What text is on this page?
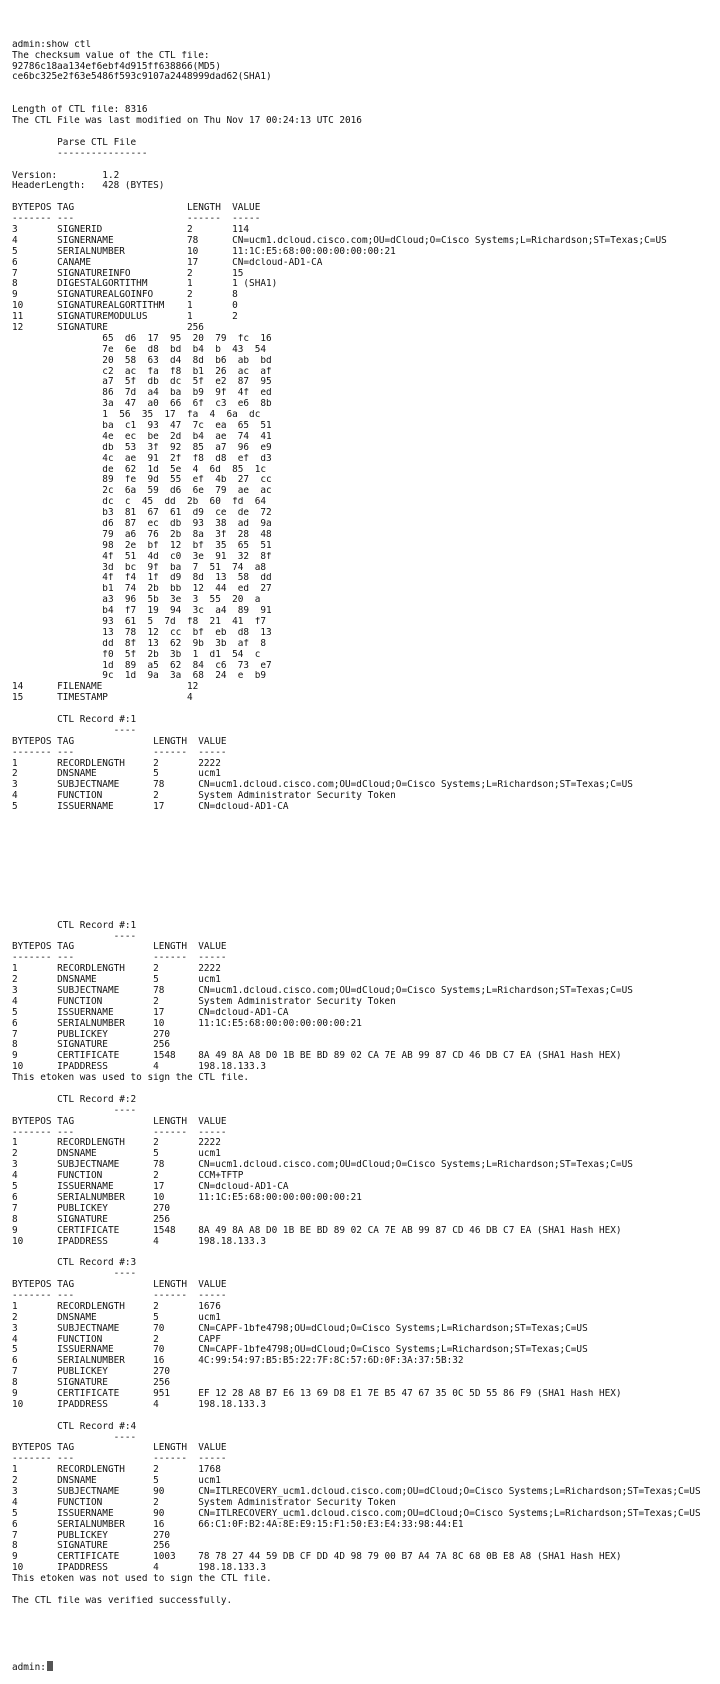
admin:show ctl
The checksum value of the CTL file:
92786c18aa134ef6ebf4d915ff638866(MD5)
ce6bc325e2f63e5486f593c9107a2448999dad62(SHA1)
Length of CTL file: 8316
The CTL File was last modified on Thu Nov 17 00:24:13 UTC 2016
Parse CTL File
----------------
Version:        1.2
HeaderLength:   428 (BYTES)
BYTEPOS TAG                    LENGTH  VALUE
------- ---                    ------  -----
3       SIGNERID               2       114
4       SIGNERNAME             78      CN=ucm1.dcloud.cisco.com;OU=dCloud;O=Cisco Systems;L=Richardson;ST=Texas;C=US
5       SERIALNUMBER           10      11:1C:E5:68:00:00:00:00:00:21
6       CANAME                 17      CN=dcloud-AD1-CA
7       SIGNATUREINFO          2       15
8       DIGESTALGORTITHM       1       1 (SHA1)
9       SIGNATUREALGOINFO      2       8
10      SIGNATUREALGORTITHM    1       0
11      SIGNATUREMODULUS       1       2
12      SIGNATURE              256
65  d6  17  95  20  79  fc  16
7e  6e  d8  bd  b4  b  43  54
20  58  63  d4  8d  b6  ab  bd
c2  ac  fa  f8  b1  26  ac  af
a7  5f  db  dc  5f  e2  87  95
86  7d  a4  ba  b9  9f  4f  ed
3a  47  a0  66  6f  c3  e6  8b
1  56  35  17  fa  4  6a  dc
ba  c1  93  47  7c  ea  65  51
4e  ec  be  2d  b4  ae  74  41
db  53  3f  92  85  a7  96  e9
4c  ae  91  2f  f8  d8  ef  d3
de  62  1d  5e  4  6d  85  1c
89  fe  9d  55  ef  4b  27  cc
2c  6a  59  d6  6e  79  ae  ac
dc  c  45  dd  2b  60  fd  64
b3  81  67  61  d9  ce  de  72
d6  87  ec  db  93  38  ad  9a
79  a6  76  2b  8a  3f  28  48
98  2e  bf  12  bf  35  65  51
4f  51  4d  c0  3e  91  32  8f
3d  bc  9f  ba  7  51  74  a8
4f  f4  1f  d9  8d  13  58  dd
b1  74  2b  bb  12  44  ed  27
a3  96  5b  3e  3  55  20  a
b4  f7  19  94  3c  a4  89  91
93  61  5  7d  f8  21  41  f7
13  78  12  cc  bf  eb  d8  13
dd  8f  13  62  9b  3b  af  8
f0  5f  2b  3b  1  d1  54  c
1d  89  a5  62  84  c6  73  e7
9c  1d  9a  3a  68  24  e  b9
14      FILENAME               12
15      TIMESTAMP              4
CTL Record #:1
----
BYTEPOS TAG              LENGTH  VALUE
------- ---              ------  -----
1       RECORDLENGTH     2       2222
2       DNSNAME          5       ucm1
3       SUBJECTNAME      78      CN=ucm1.dcloud.cisco.com;OU=dCloud;O=Cisco Systems;L=Richardson;ST=Texas;C=US
4       FUNCTION         2       System Administrator Security Token
5       ISSUERNAME       17      CN=dcloud-AD1-CA

CTL Record #:1
----
BYTEPOS TAG              LENGTH  VALUE
------- ---              ------  -----
1       RECORDLENGTH     2       2222
2       DNSNAME          5       ucm1
3       SUBJECTNAME      78      CN=ucm1.dcloud.cisco.com;OU=dCloud;O=Cisco Systems;L=Richardson;ST=Texas;C=US
4       FUNCTION         2       System Administrator Security Token
5       ISSUERNAME       17      CN=dcloud-AD1-CA
6       SERIALNUMBER     10      11:1C:E5:68:00:00:00:00:00:21
7       PUBLICKEY        270
8       SIGNATURE        256
9       CERTIFICATE      1548    8A 49 8A A8 D0 1B BE BD 89 02 CA 7E AB 99 87 CD 46 DB C7 EA (SHA1 Hash HEX)
10      IPADDRESS        4       198.18.133.3
This etoken was used to sign the CTL file.
CTL Record #:2
----
BYTEPOS TAG              LENGTH  VALUE
------- ---              ------  -----
1       RECORDLENGTH     2       2222
2       DNSNAME          5       ucm1
3       SUBJECTNAME      78      CN=ucm1.dcloud.cisco.com;OU=dCloud;O=Cisco Systems;L=Richardson;ST=Texas;C=US
4       FUNCTION         2       CCM+TFTP
5       ISSUERNAME       17      CN=dcloud-AD1-CA
6       SERIALNUMBER     10      11:1C:E5:68:00:00:00:00:00:21
7       PUBLICKEY        270
8       SIGNATURE        256
9       CERTIFICATE      1548    8A 49 8A A8 D0 1B BE BD 89 02 CA 7E AB 99 87 CD 46 DB C7 EA (SHA1 Hash HEX)
10      IPADDRESS        4       198.18.133.3
CTL Record #:3
----
BYTEPOS TAG              LENGTH  VALUE
------- ---              ------  -----
1       RECORDLENGTH     2       1676
2       DNSNAME          5       ucm1
3       SUBJECTNAME      70      CN=CAPF-1bfe4798;OU=dCloud;O=Cisco Systems;L=Richardson;ST=Texas;C=US
4       FUNCTION         2       CAPF
5       ISSUERNAME       70      CN=CAPF-1bfe4798;OU=dCloud;O=Cisco Systems;L=Richardson;ST=Texas;C=US
6       SERIALNUMBER     16      4C:99:54:97:B5:B5:22:7F:8C:57:6D:0F:3A:37:5B:32
7       PUBLICKEY        270
8       SIGNATURE        256
9       CERTIFICATE      951     EF 12 28 A8 B7 E6 13 69 D8 E1 7E B5 47 67 35 0C 5D 55 86 F9 (SHA1 Hash HEX)
10      IPADDRESS        4       198.18.133.3
CTL Record #:4
----
BYTEPOS TAG              LENGTH  VALUE
------- ---              ------  -----
1       RECORDLENGTH     2       1768
2       DNSNAME          5       ucm1
3       SUBJECTNAME      90      CN=ITLRECOVERY_ucm1.dcloud.cisco.com;OU=dCloud;O=Cisco Systems;L=Richardson;ST=Texas;C=US
4       FUNCTION         2       System Administrator Security Token
5       ISSUERNAME       90      CN=ITLRECOVERY_ucm1.dcloud.cisco.com;OU=dCloud;O=Cisco Systems;L=Richardson;ST=Texas;C=US
6       SERIALNUMBER     16      66:C1:0F:B2:4A:8E:E9:15:F1:50:E3:E4:33:98:44:E1
7       PUBLICKEY        270
8       SIGNATURE        256
9       CERTIFICATE      1003    78 78 27 44 59 DB CF DD 4D 98 79 00 B7 A4 7A 8C 68 0B E8 A8 (SHA1 Hash HEX)
10      IPADDRESS        4       198.18.133.3
This etoken was not used to sign the CTL file.
The CTL file was verified successfully.

admin:
